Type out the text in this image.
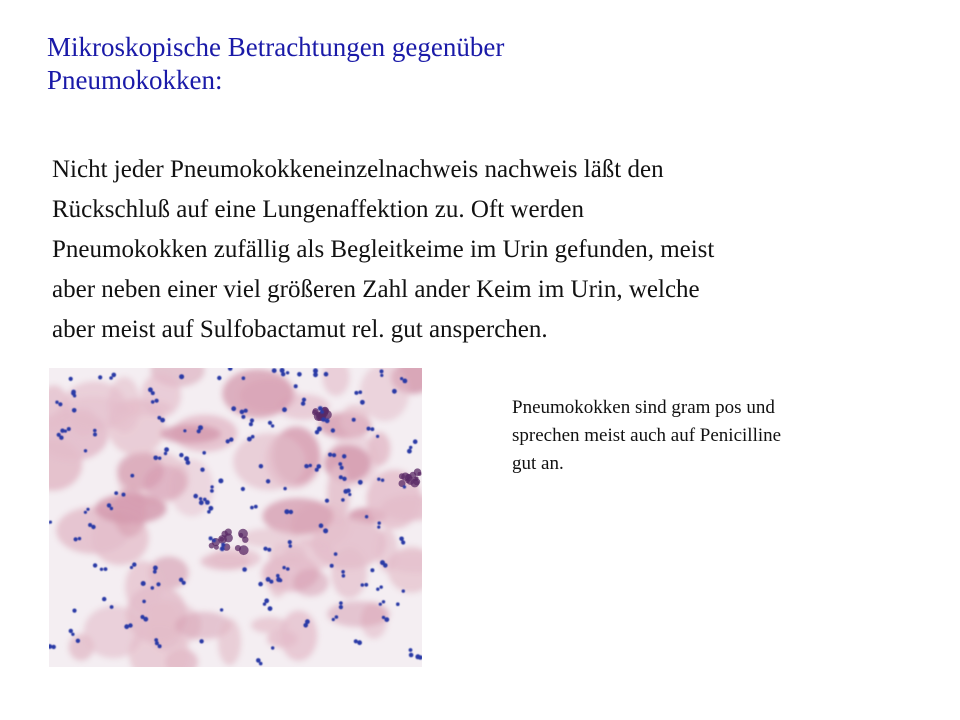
Mikroskopische Betrachtungen gegenüber
Pneumokokken:
Nicht jeder Pneumokokkeneinzelnachweis nachweis läßt den
Rückschluß auf eine Lungenaffektion zu. Oft werden
Pneumokokken zufällig als Begleitkeime im Urin gefunden, meist
aber neben einer viel größeren Zahl ander Keim im Urin, welche
aber meist auf Sulfobactamut rel. gut ansperchen.
Pneumokokken sind gram pos und
sprechen meist auch auf Penicilline
gut an.
